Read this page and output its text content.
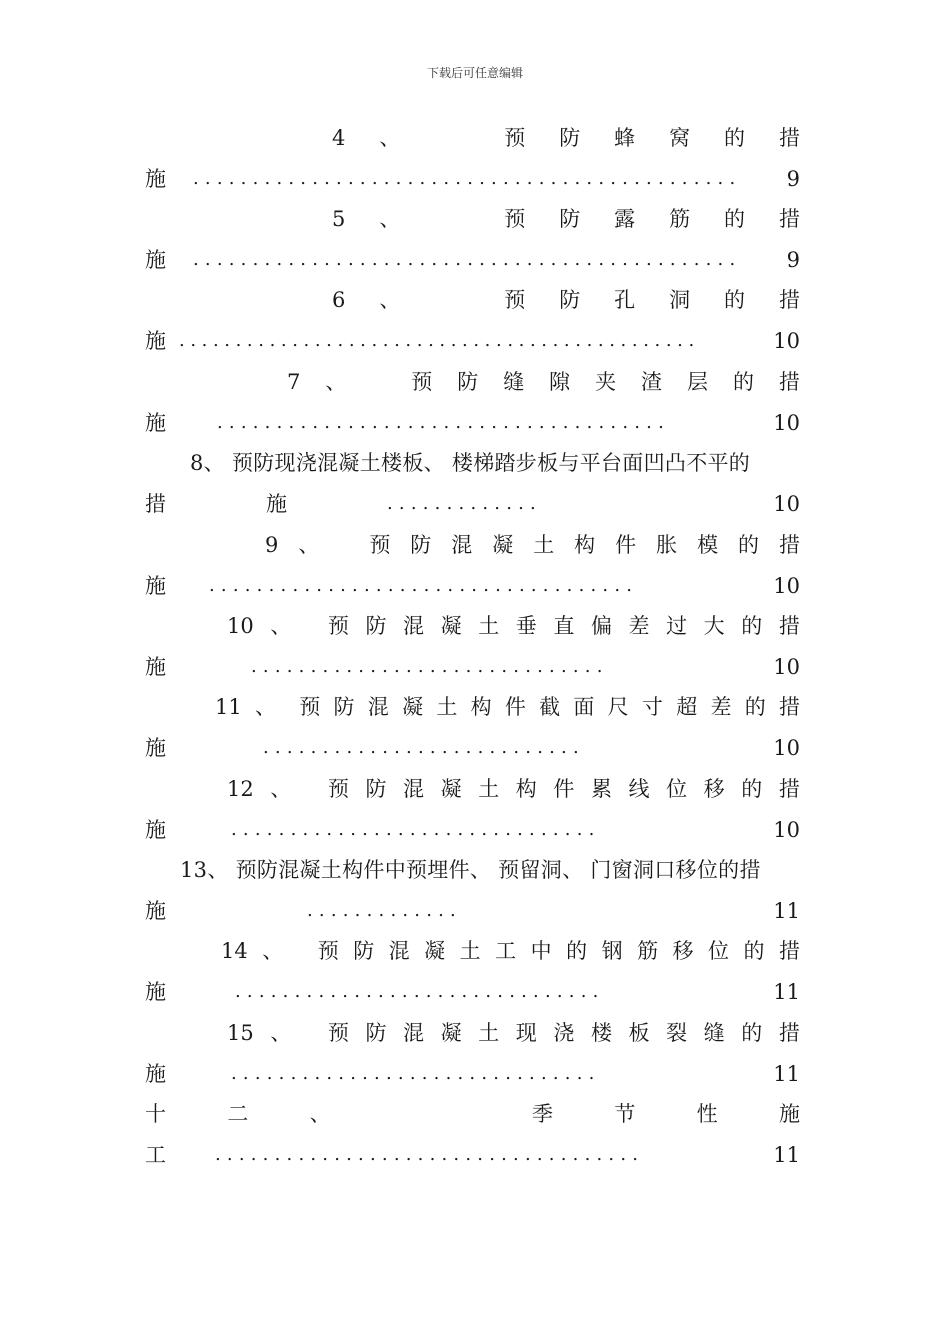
下载后可任意编辑
4 、	预 防 蜂 窝 的 措
施 .............................................. 9
5 、	预 防 露 筋 的 措
施 .............................................. 9
6 、	预 防 孔 洞 的 措
施 ..............................................	10
7 、	预 防 缝 隙 夹 渣 层 的 措
施	......................................	10
8、 预防现浇混凝土楼板、 楼梯踏步板与平台面凹凸不平的
措	施	.............	10
9 、 预 防 混 凝 土 构 件 胀 模 的 措
施 ....................................	10
10 、 预 防 混 凝 土 垂 直 偏 差 过 大 的 措
施	..............................	10
11 、 预 防 混 凝 土 构 件 截 面 尺 寸 超 差 的 措
施	...........................	10
12 、 预 防 混 凝 土 构 件 累 线 位 移 的 措
施	...............................	10
13、 预防混凝土构件中预埋件、 预留洞、 门窗洞口移位的措
施	.............	11
14 、 预 防 混 凝 土 工 中 的 钢 筋 移 位 的 措
施	...............................	11
15 、 预 防 混 凝 土 现 浇 楼 板 裂 缝 的 措
施	...............................	11
十	二	、	季	节	性	施
工	....................................	11
